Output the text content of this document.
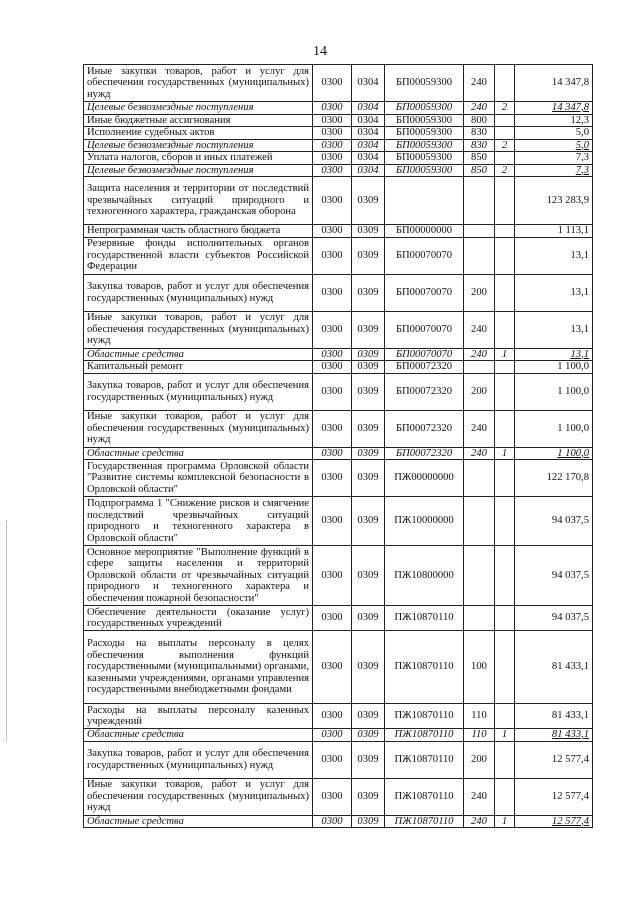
14
Иные закупки товаров, работ и услуг для обеспечения государственных (муниципальных) нужд	0300	0304	БП00059300	240		14 347,8
Целевые безвозмездные поступления	0300	0304	БП00059300	240	2	14 347,8
Иные бюджетные ассигнования	0300	0304	БП00059300	800		12,3
Исполнение судебных актов	0300	0304	БП00059300	830		5,0
Целевые безвозмездные поступления	0300	0304	БП00059300	830	2	5,0
Уплата налогов, сборов и иных платежей	0300	0304	БП00059300	850		7,3
Целевые безвозмездные поступления	0300	0304	БП00059300	850	2	7,3
Защита населения и территории от последствий чрезвычайных ситуаций природного и техногенного характера, гражданская оборона	0300	0309				123 283,9
Непрограммная часть областного бюджета	0300	0309	БП00000000			1 113,1
Резервные фонды исполнительных органов государственной власти субъектов Российской Федерации	0300	0309	БП00070070			13,1
Закупка товаров, работ и услуг для обеспечения государственных (муниципальных) нужд	0300	0309	БП00070070	200		13,1
Иные закупки товаров, работ и услуг для обеспечения государственных (муниципальных) нужд	0300	0309	БП00070070	240		13,1
Областные средства	0300	0309	БП00070070	240	1	13,1
Капитальный ремонт	0300	0309	БП00072320			1 100,0
Закупка товаров, работ и услуг для обеспечения государственных (муниципальных) нужд	0300	0309	БП00072320	200		1 100,0
Иные закупки товаров, работ и услуг для обеспечения государственных (муниципальных) нужд	0300	0309	БП00072320	240		1 100,0
Областные средства	0300	0309	БП00072320	240	1	1 100,0
Государственная программа Орловской области "Развитие системы комплексной безопасности в Орловской области"	0300	0309	ПЖ00000000			122 170,8
Подпрограмма 1 "Снижение рисков и смягчение последствий чрезвычайных ситуаций природного и техногенного характера в Орловской области"	0300	0309	ПЖ10000000			94 037,5
Основное мероприятие "Выполнение функций в сфере защиты населения и территорий Орловской области от чрезвычайных ситуаций природного и техногенного характера и обеспечения пожарной безопасности"	0300	0309	ПЖ10800000			94 037,5
Обеспечение деятельности (оказание услуг) государственных учреждений	0300	0309	ПЖ10870110			94 037,5
Расходы на выплаты персоналу в целях обеспечения выполнения функций государственными (муниципальными) органами, казенными учреждениями, органами управления государственными внебюджетными фондами	0300	0309	ПЖ10870110	100		81 433,1
Расходы на выплаты персоналу казенных учреждений	0300	0309	ПЖ10870110	110		81 433,1
Областные средства	0300	0309	ПЖ10870110	110	1	81 433,1
Закупка товаров, работ и услуг для обеспечения государственных (муниципальных) нужд	0300	0309	ПЖ10870110	200		12 577,4
Иные закупки товаров, работ и услуг для обеспечения государственных (муниципальных) нужд	0300	0309	ПЖ10870110	240		12 577,4
Областные средства	0300	0309	ПЖ10870110	240	1	12 577,4
